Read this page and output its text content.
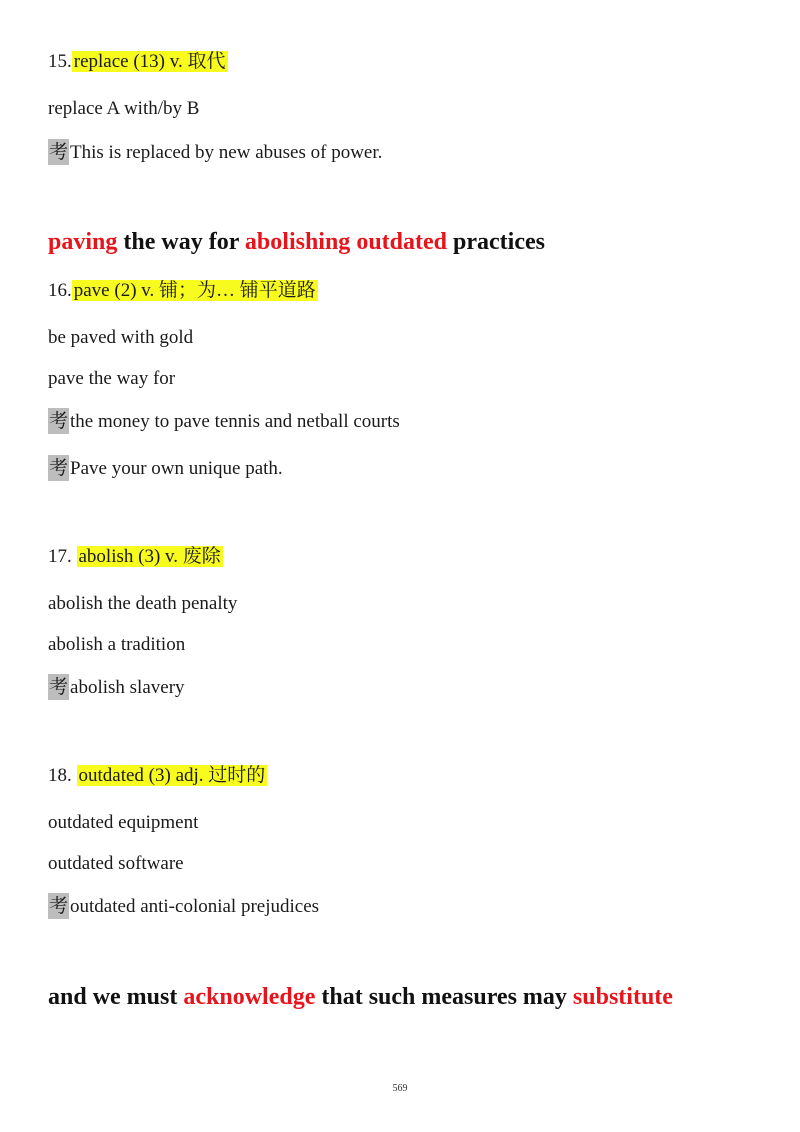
15. replace (13) v. 取代
replace A with/by B
考 This is replaced by new abuses of power.
paving the way for abolishing outdated practices
16. pave (2) v. 铺；为… 铺平道路
be paved with gold
pave the way for
考 the money to pave tennis and netball courts
考 Pave your own unique path.
17. abolish (3) v. 废除
abolish the death penalty
abolish a tradition
考 abolish slavery
18. outdated (3) adj. 过时的
outdated equipment
outdated software
考 outdated anti-colonial prejudices
and we must acknowledge that such measures may substitute
569
